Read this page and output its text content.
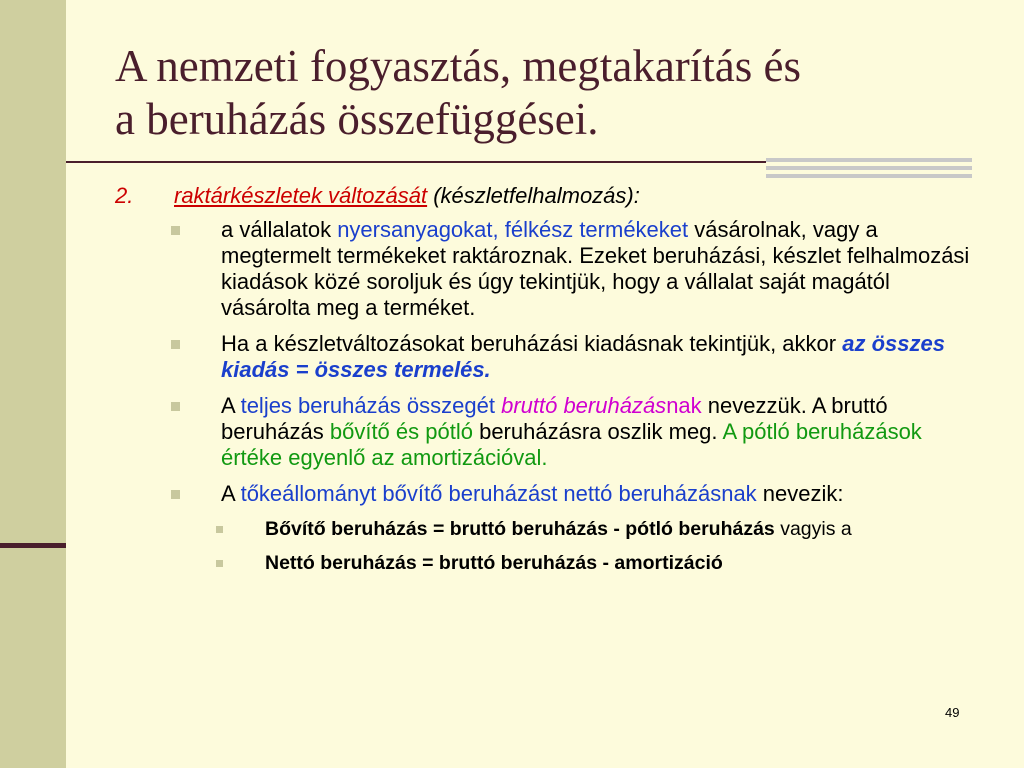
A nemzeti fogyasztás, megtakarítás és
a beruházás összefüggései.
2.	raktárkészletek változását (készletfelhalmozás):
a vállalatok nyersanyagokat, félkész termékeket vásárolnak, vagy a megtermelt termékeket raktároznak. Ezeket beruházási, készlet felhalmozási kiadások közé soroljuk és úgy tekintjük, hogy a vállalat saját magától vásárolta meg a terméket.
Ha a készletváltozásokat beruházási kiadásnak tekintjük, akkor az összes kiadás = összes termelés.
A teljes beruházás összegét bruttó beruházásnak nevezzük. A bruttó beruházás bővítő és pótló beruházásra oszlik meg. A pótló beruházások értéke egyenlő az amortizációval.
A tőkeállományt bővítő beruházást nettó beruházásnak nevezik:
Bővítő beruházás = bruttó beruházás - pótló beruházás vagyis a
Nettó beruházás = bruttó beruházás - amortizáció
49
